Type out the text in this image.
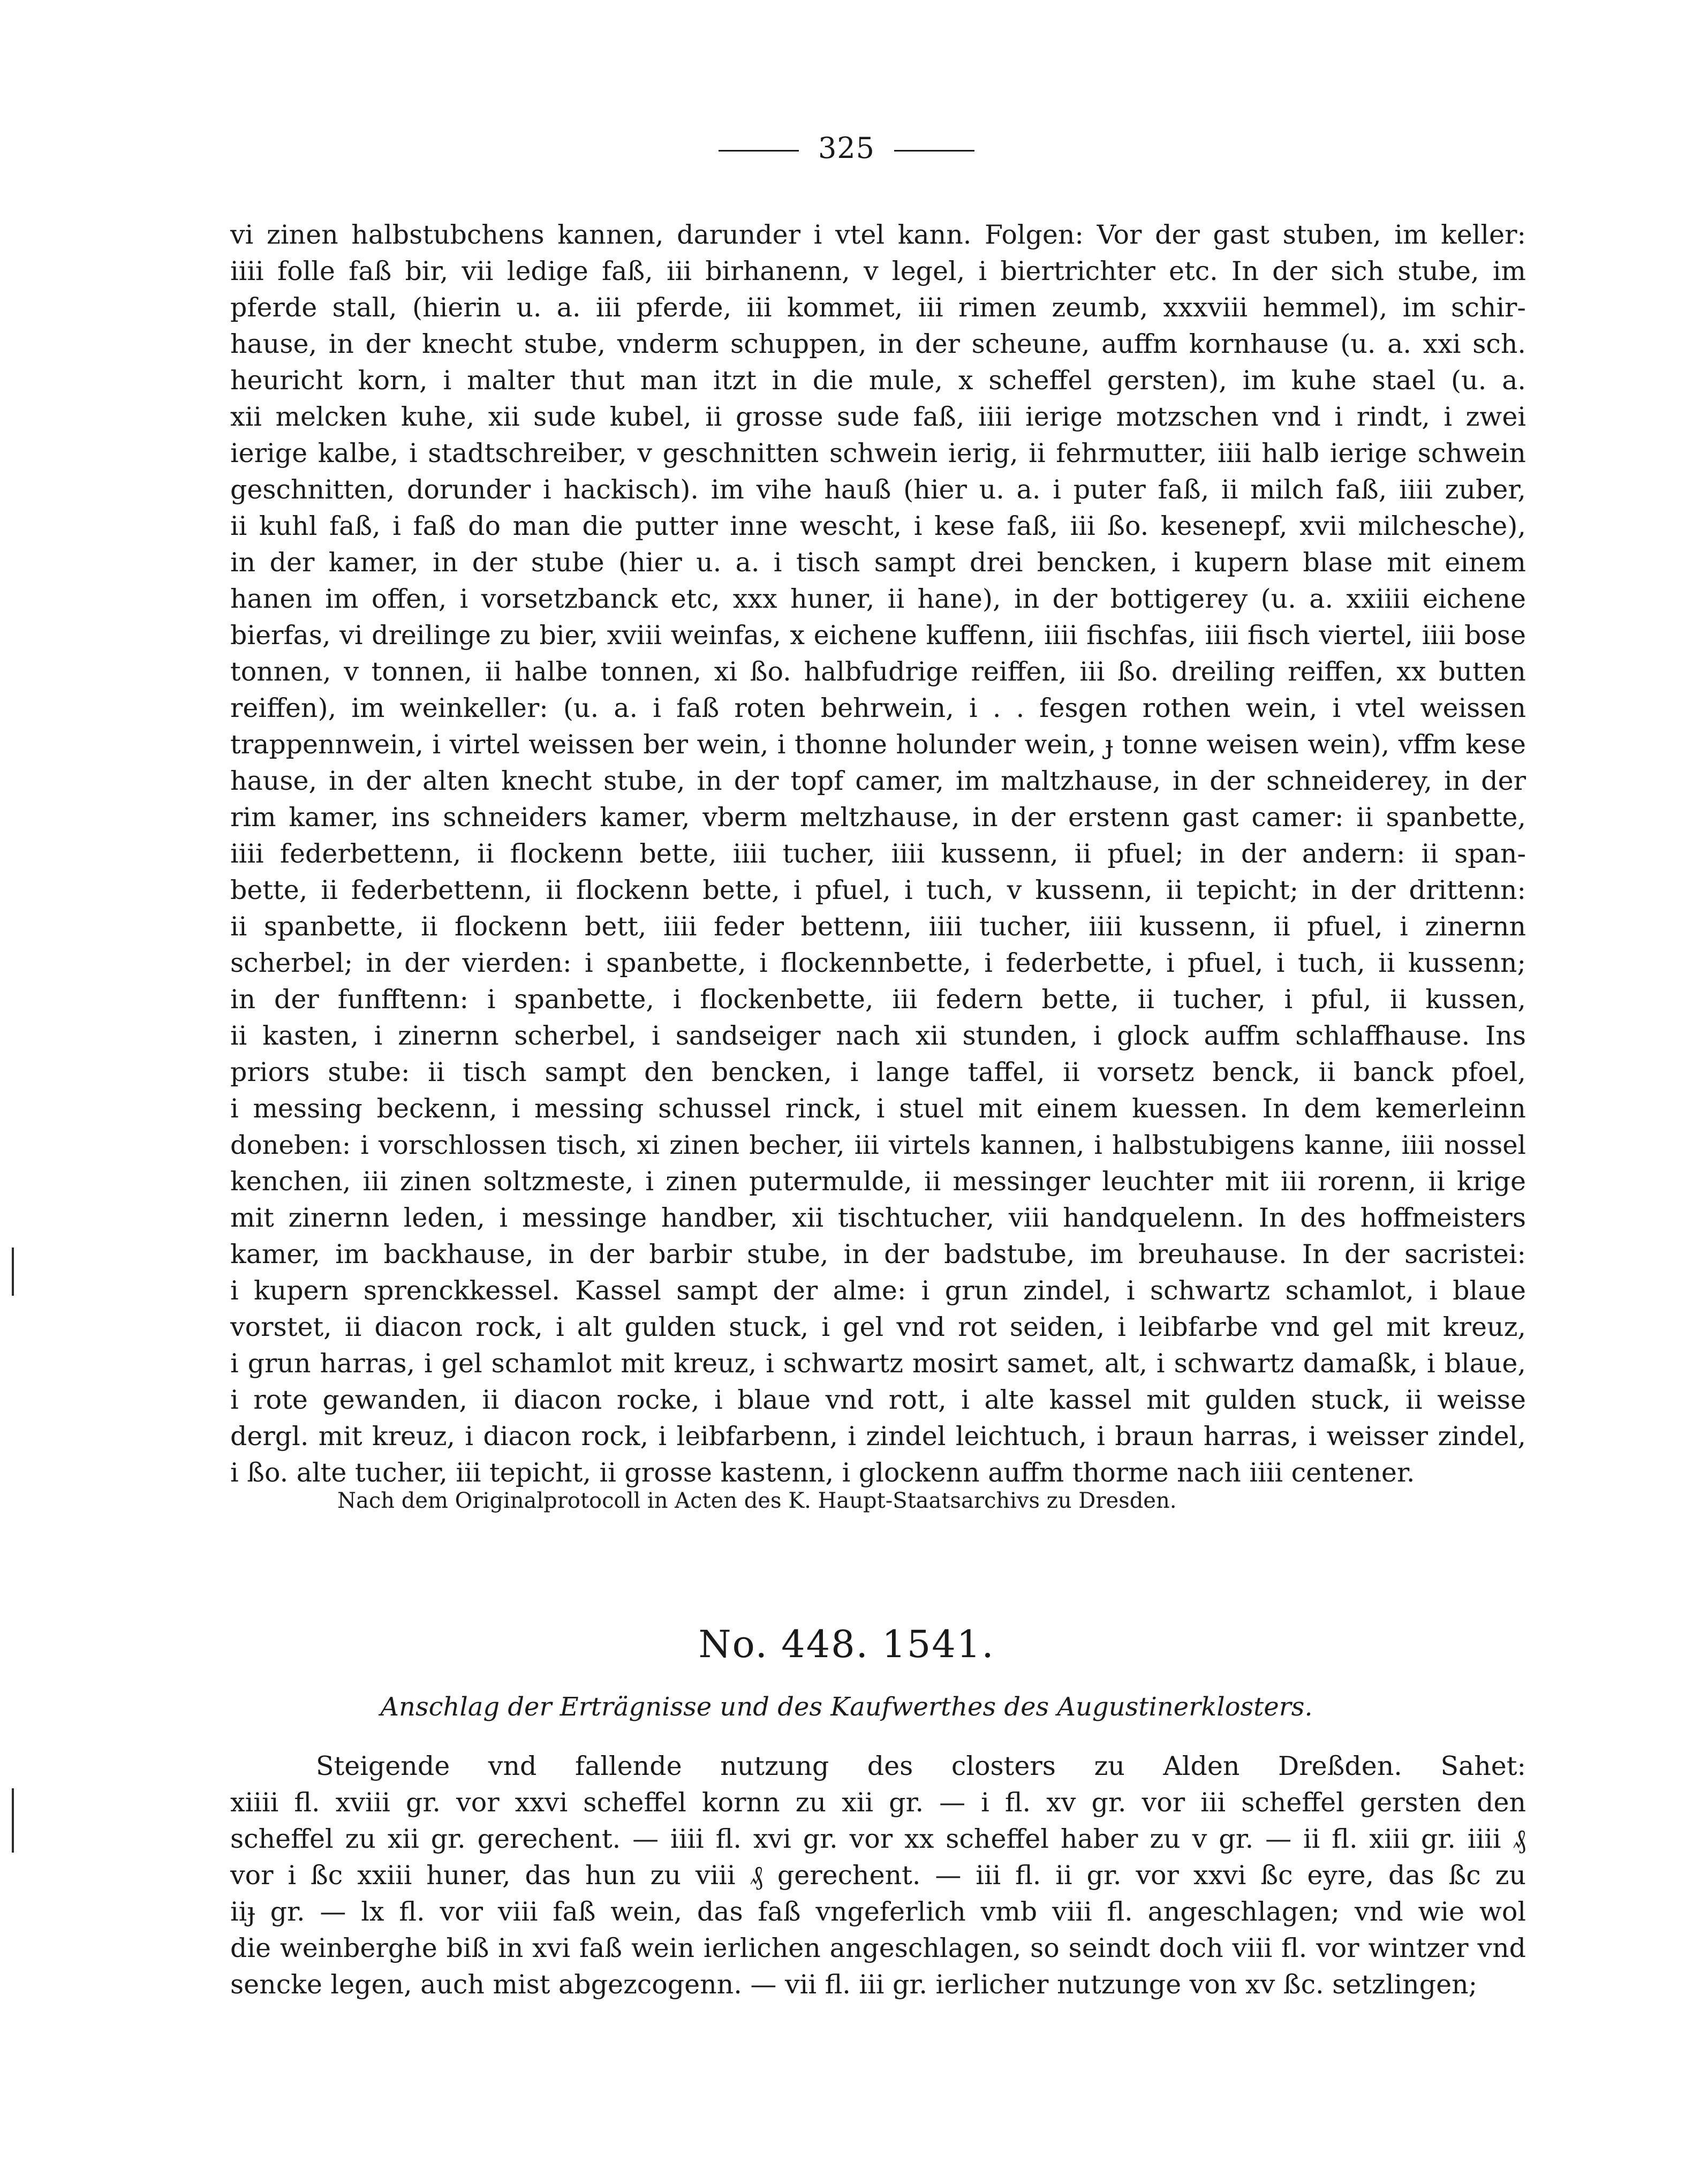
325
vi zinen halbstubchens kannen, darunder i vtel kann. Folgen: Vor der gast stuben, im keller:
iiii folle faß bir, vii ledige faß, iii birhanenn, v legel, i biertrichter etc. In der sich stube, im
pferde stall, (hierin u. a. iii pferde, iii kommet, iii rimen zeumb, xxxviii hemmel), im schir-
hause, in der knecht stube, vnderm schuppen, in der scheune, auffm kornhause (u. a. xxi sch.
heuricht korn, i malter thut man itzt in die mule, x scheffel gersten), im kuhe stael (u. a.
xii melcken kuhe, xii sude kubel, ii grosse sude faß, iiii ierige motzschen vnd i rindt, i zwei
ierige kalbe, i stadtschreiber, v geschnitten schwein ierig, ii fehrmutter, iiii halb ierige schwein
geschnitten, dorunder i hackisch). im vihe hauß (hier u. a. i puter faß, ii milch faß, iiii zuber,
ii kuhl faß, i faß do man die putter inne wescht, i kese faß, iii ßo. kesenepf, xvii milchesche),
in der kamer, in der stube (hier u. a. i tisch sampt drei bencken, i kupern blase mit einem
hanen im offen, i vorsetzbanck etc, xxx huner, ii hane), in der bottigerey (u. a. xxiiii eichene
bierfas, vi dreilinge zu bier, xviii weinfas, x eichene kuffenn, iiii fischfas, iiii fisch viertel, iiii bose
tonnen, v tonnen, ii halbe tonnen, xi ßo. halbfudrige reiffen, iii ßo. dreiling reiffen, xx butten
reiffen), im weinkeller: (u. a. i faß roten behrwein, i . . fesgen rothen wein, i vtel weissen
trappennwein, i virtel weissen ber wein, i thonne holunder wein, ɟ tonne weisen wein), vffm kese
hause, in der alten knecht stube, in der topf camer, im maltzhause, in der schneiderey, in der
rim kamer, ins schneiders kamer, vberm meltzhause, in der erstenn gast camer: ii spanbette,
iiii federbettenn, ii flockenn bette, iiii tucher, iiii kussenn, ii pfuel; in der andern: ii span-
bette, ii federbettenn, ii flockenn bette, i pfuel, i tuch, v kussenn, ii tepicht; in der drittenn:
ii spanbette, ii flockenn bett, iiii feder bettenn, iiii tucher, iiii kussenn, ii pfuel, i zinernn
scherbel; in der vierden: i spanbette, i flockennbette, i federbette, i pfuel, i tuch, ii kussenn;
in der funfftenn: i spanbette, i flockenbette, iii federn bette, ii tucher, i pful, ii kussen,
ii kasten, i zinernn scherbel, i sandseiger nach xii stunden, i glock auffm schlaffhause. Ins
priors stube: ii tisch sampt den bencken, i lange taffel, ii vorsetz benck, ii banck pfoel,
i messing beckenn, i messing schussel rinck, i stuel mit einem kuessen. In dem kemerleinn
doneben: i vorschlossen tisch, xi zinen becher, iii virtels kannen, i halbstubigens kanne, iiii nossel
kenchen, iii zinen soltzmeste, i zinen putermulde, ii messinger leuchter mit iii rorenn, ii krige
mit zinernn leden, i messinge handber, xii tischtucher, viii handquelenn. In des hoffmeisters
kamer, im backhause, in der barbir stube, in der badstube, im breuhause. In der sacristei:
i kupern sprenckkessel. Kassel sampt der alme: i grun zindel, i schwartz schamlot, i blaue
vorstet, ii diacon rock, i alt gulden stuck, i gel vnd rot seiden, i leibfarbe vnd gel mit kreuz,
i grun harras, i gel schamlot mit kreuz, i schwartz mosirt samet, alt, i schwartz damaßk, i blaue,
i rote gewanden, ii diacon rocke, i blaue vnd rott, i alte kassel mit gulden stuck, ii weisse
dergl. mit kreuz, i diacon rock, i leibfarbenn, i zindel leichtuch, i braun harras, i weisser zindel,
i ßo. alte tucher, iii tepicht, ii grosse kastenn, i glockenn auffm thorme nach iiii centener.
Nach dem Originalprotocoll in Acten des K. Haupt-Staatsarchivs zu Dresden.
No. 448. 1541.
Anschlag der Erträgnisse und des Kaufwerthes des Augustinerklosters.
Steigende vnd fallende nutzung des closters zu Alden Dreßden. Sahet:
xiiii fl. xviii gr. vor xxvi scheffel kornn zu xii gr. — i fl. xv gr. vor iii scheffel gersten den
scheffel zu xii gr. gerechent. — iiii fl. xvi gr. vor xx scheffel haber zu v gr. — ii fl. xiii gr. iiii ₰
vor i ßc xxiii huner, das hun zu viii ₰ gerechent. — iii fl. ii gr. vor xxvi ßc eyre, das ßc zu
iiɟ gr. — lx fl. vor viii faß wein, das faß vngeferlich vmb viii fl. angeschlagen; vnd wie wol
die weinberghe biß in xvi faß wein ierlichen angeschlagen, so seindt doch viii fl. vor wintzer vnd
sencke legen, auch mist abgezcogenn. — vii fl. iii gr. ierlicher nutzunge von xv ßc. setzlingen;
